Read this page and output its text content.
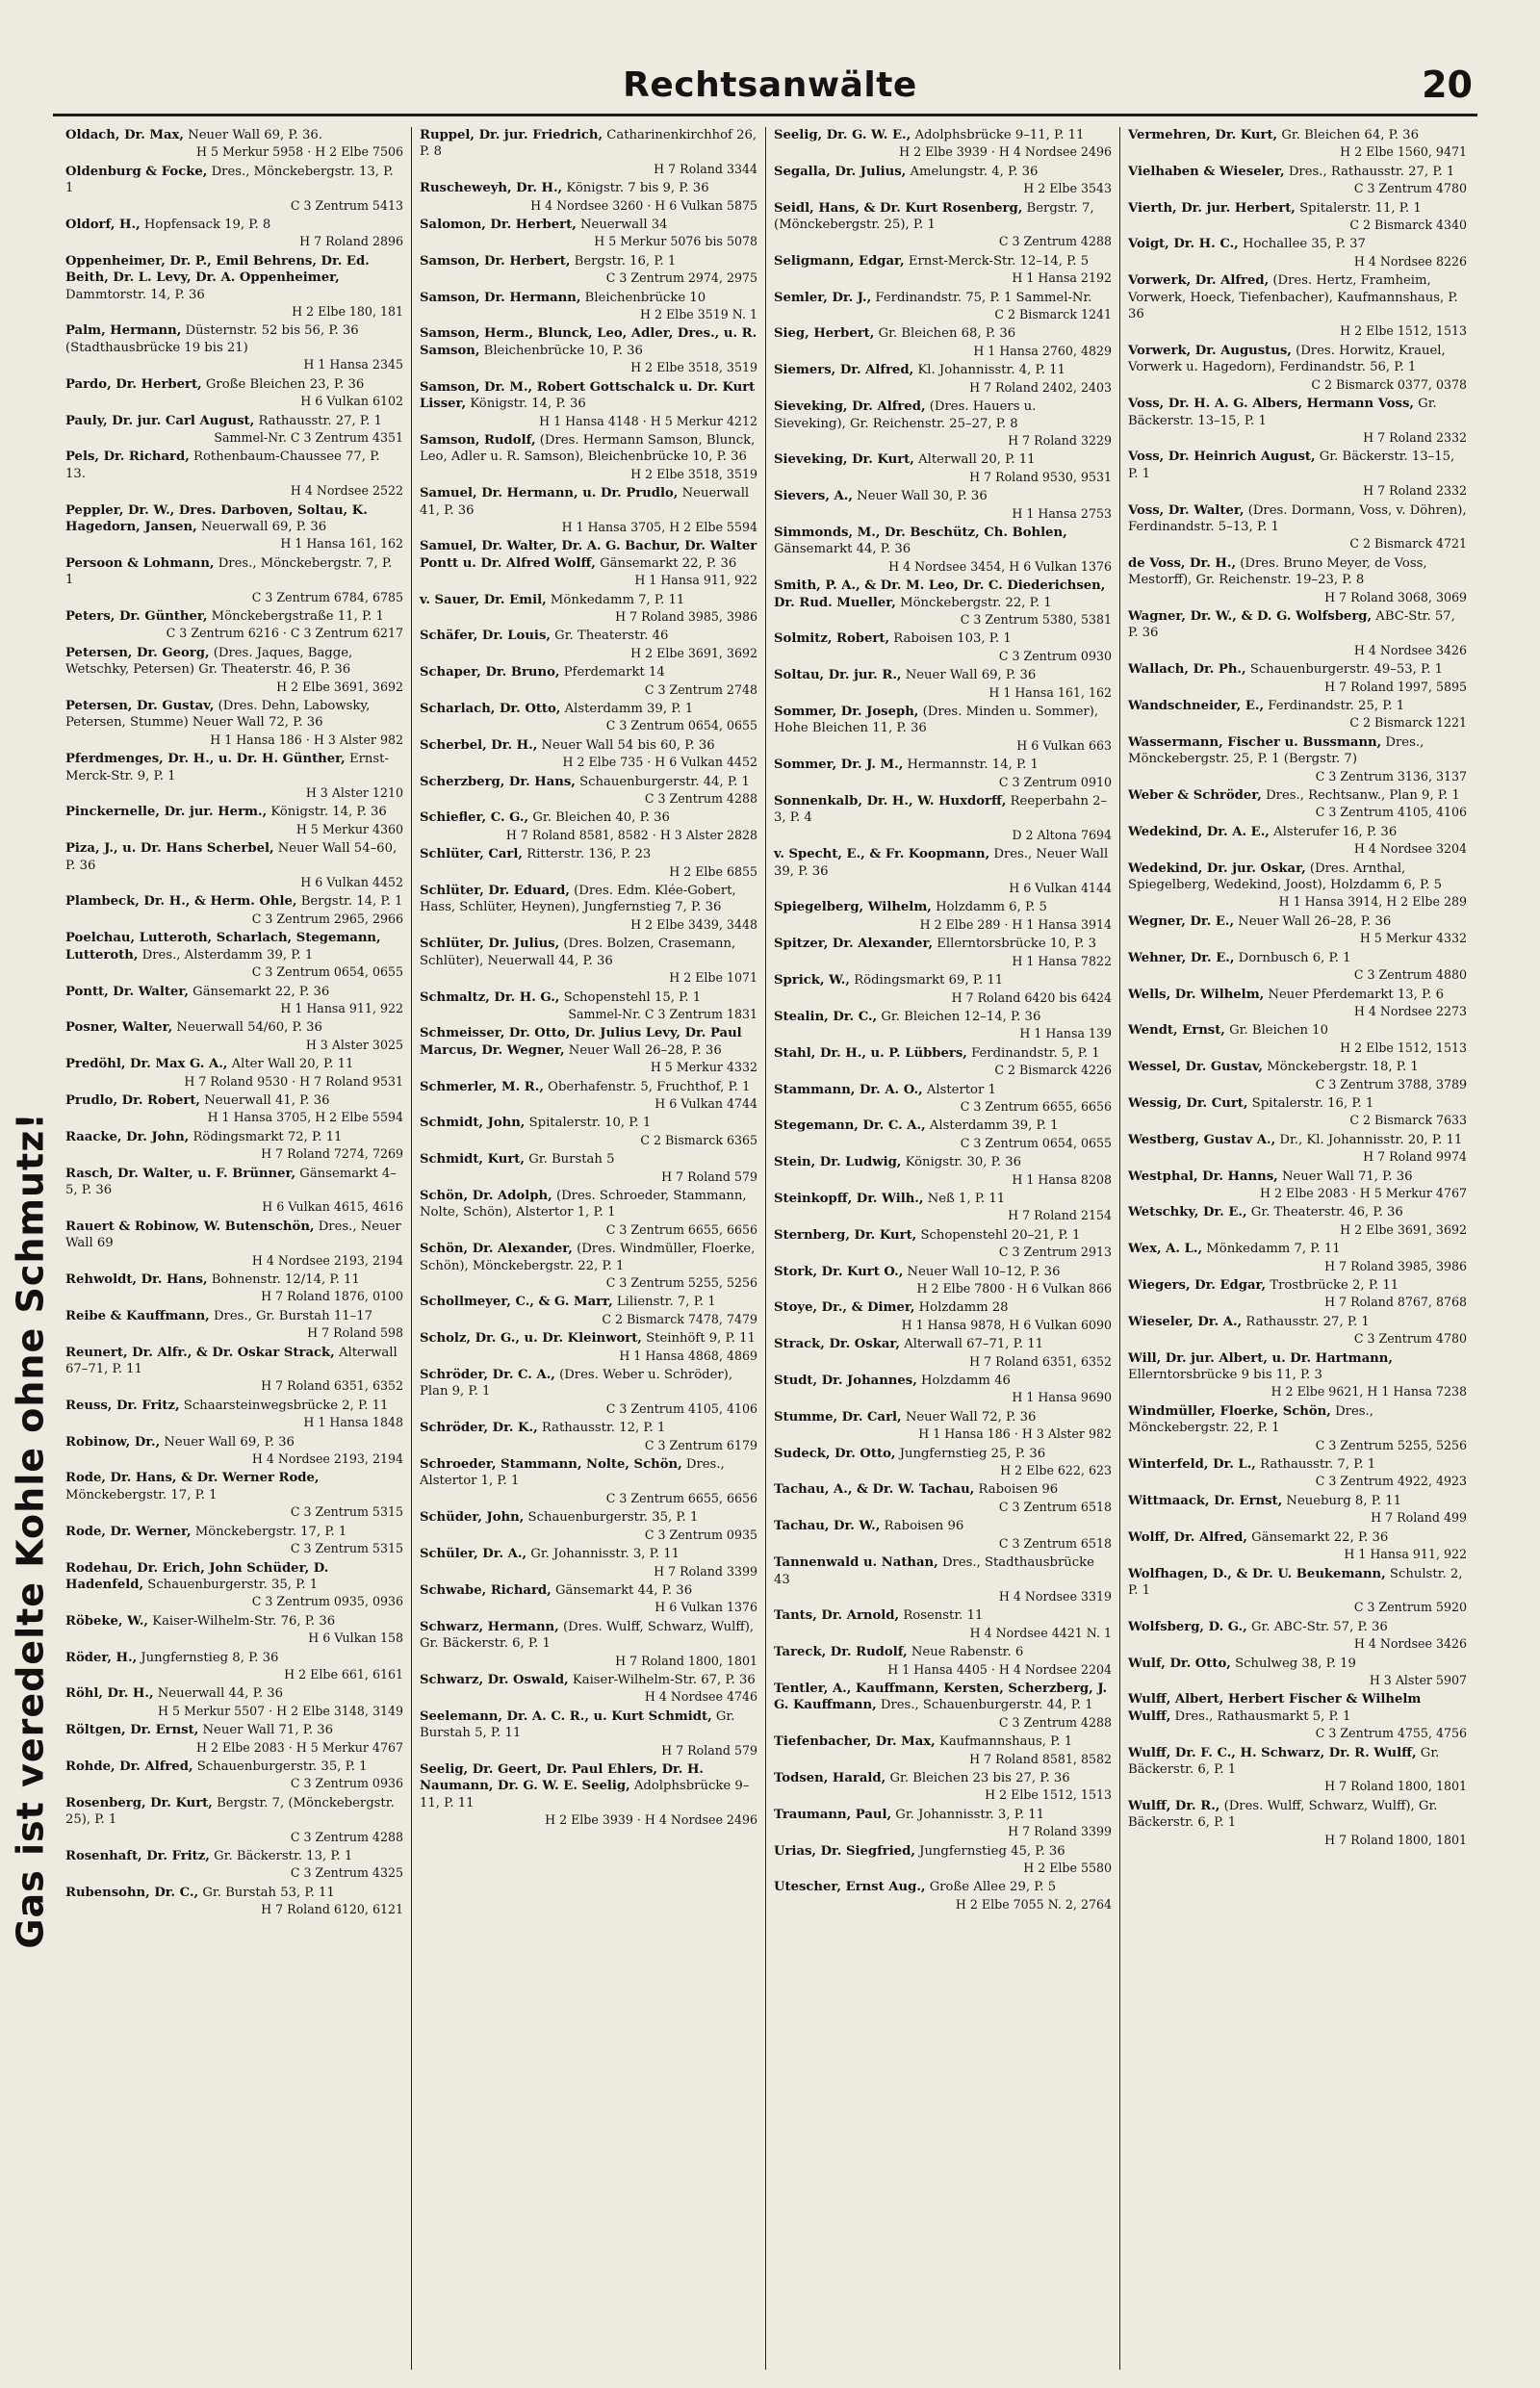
Rechtsanwälte	20
Gas ist veredelte Kohle ohne Schmutz!
Oldach, Dr. Max, Neuer Wall 69, P. 36.
H 5 Merkur 5958 · H 2 Elbe 7506
Oldenburg & Focke, Dres., Mönckebergstr. 13, P. 1
C 3 Zentrum 5413
Oldorf, H., Hopfensack 19, P. 8
H 7 Roland 2896
Oppenheimer, Dr. P., Emil Behrens, Dr. Ed. Beith, Dr. L. Levy, Dr. A. Oppenheimer, Dammtorstr. 14, P. 36
H 2 Elbe 180, 181
Palm, Hermann, Düsternstr. 52 bis 56, P. 36 (Stadthausbrücke 19 bis 21)
H 1 Hansa 2345
Pardo, Dr. Herbert, Große Bleichen 23, P. 36
H 6 Vulkan 6102
Pauly, Dr. jur. Carl August, Rathausstr. 27, P. 1
Sammel-Nr. C 3 Zentrum 4351
Pels, Dr. Richard, Rothenbaum-Chaussee 77, P. 13.
H 4 Nordsee 2522
Peppler, Dr. W., Dres. Darboven, Soltau, K. Hagedorn, Jansen, Neuerwall 69, P. 36
H 1 Hansa 161, 162
Persoon & Lohmann, Dres., Mönckebergstr. 7, P. 1
C 3 Zentrum 6784, 6785
Peters, Dr. Günther, Mönckebergstraße 11, P. 1
C 3 Zentrum 6216 · C 3 Zentrum 6217
Petersen, Dr. Georg, (Dres. Jaques, Bagge, Wetschky, Petersen) Gr. Theaterstr. 46, P. 36
H 2 Elbe 3691, 3692
Petersen, Dr. Gustav, (Dres. Dehn, Labowsky, Petersen, Stumme) Neuer Wall 72, P. 36
H 1 Hansa 186 · H 3 Alster 982
Pferdmenges, Dr. H., u. Dr. H. Günther, Ernst-Merck-Str. 9, P. 1
H 3 Alster 1210
Pinckernelle, Dr. jur. Herm., Königstr. 14, P. 36
H 5 Merkur 4360
Piza, J., u. Dr. Hans Scherbel, Neuer Wall 54–60, P. 36
H 6 Vulkan 4452
Plambeck, Dr. H., & Herm. Ohle, Bergstr. 14, P. 1
C 3 Zentrum 2965, 2966
Poelchau, Lutteroth, Scharlach, Stegemann, Lutteroth, Dres., Alsterdamm 39, P. 1
C 3 Zentrum 0654, 0655
Pontt, Dr. Walter, Gänsemarkt 22, P. 36
H 1 Hansa 911, 922
Posner, Walter, Neuerwall 54/60, P. 36
H 3 Alster 3025
Predöhl, Dr. Max G. A., Alter Wall 20, P. 11
H 7 Roland 9530 · H 7 Roland 9531
Prudlo, Dr. Robert, Neuerwall 41, P. 36
H 1 Hansa 3705, H 2 Elbe 5594
Raacke, Dr. John, Rödingsmarkt 72, P. 11
H 7 Roland 7274, 7269
Rasch, Dr. Walter, u. F. Brünner, Gänsemarkt 4–5, P. 36
H 6 Vulkan 4615, 4616
Rauert & Robinow, W. Butenschön, Dres., Neuer Wall 69
H 4 Nordsee 2193, 2194
Rehwoldt, Dr. Hans, Bohnenstr. 12/14, P. 11
H 7 Roland 1876, 0100
Reibe & Kauffmann, Dres., Gr. Burstah 11–17
H 7 Roland 598
Reunert, Dr. Alfr., & Dr. Oskar Strack, Alterwall 67–71, P. 11
H 7 Roland 6351, 6352
Reuss, Dr. Fritz, Schaarsteinwegsbrücke 2, P. 11
H 1 Hansa 1848
Robinow, Dr., Neuer Wall 69, P. 36
H 4 Nordsee 2193, 2194
Rode, Dr. Hans, & Dr. Werner Rode, Mönckebergstr. 17, P. 1
C 3 Zentrum 5315
Rode, Dr. Werner, Mönckebergstr. 17, P. 1
C 3 Zentrum 5315
Rodehau, Dr. Erich, John Schüder, D. Hadenfeld, Schauenburgerstr. 35, P. 1
C 3 Zentrum 0935, 0936
Röbeke, W., Kaiser-Wilhelm-Str. 76, P. 36
H 6 Vulkan 158
Röder, H., Jungfernstieg 8, P. 36
H 2 Elbe 661, 6161
Röhl, Dr. H., Neuerwall 44, P. 36
H 5 Merkur 5507 · H 2 Elbe 3148, 3149
Röltgen, Dr. Ernst, Neuer Wall 71, P. 36
H 2 Elbe 2083 · H 5 Merkur 4767
Rohde, Dr. Alfred, Schauenburgerstr. 35, P. 1
C 3 Zentrum 0936
Rosenberg, Dr. Kurt, Bergstr. 7, (Mönckebergstr. 25), P. 1
C 3 Zentrum 4288
Rosenhaft, Dr. Fritz, Gr. Bäckerstr. 13, P. 1
C 3 Zentrum 4325
Rubensohn, Dr. C., Gr. Burstah 53, P. 11
H 7 Roland 6120, 6121
Ruppel, Dr. jur. Friedrich, Catharinenkirchhof 26, P. 8
H 7 Roland 3344
Ruscheweyh, Dr. H., Königstr. 7 bis 9, P. 36
H 4 Nordsee 3260 · H 6 Vulkan 5875
Salomon, Dr. Herbert, Neuerwall 34
H 5 Merkur 5076 bis 5078
Samson, Dr. Herbert, Bergstr. 16, P. 1
C 3 Zentrum 2974, 2975
Samson, Dr. Hermann, Bleichenbrücke 10
H 2 Elbe 3519 N. 1
Samson, Herm., Blunck, Leo, Adler, Dres., u. R. Samson, Bleichenbrücke 10, P. 36
H 2 Elbe 3518, 3519
Samson, Dr. M., Robert Gottschalck u. Dr. Kurt Lisser, Königstr. 14, P. 36
H 1 Hansa 4148 · H 5 Merkur 4212
Samson, Rudolf, (Dres. Hermann Samson, Blunck, Leo, Adler u. R. Samson), Bleichenbrücke 10, P. 36
H 2 Elbe 3518, 3519
Samuel, Dr. Hermann, u. Dr. Prudlo, Neuerwall 41, P. 36
H 1 Hansa 3705, H 2 Elbe 5594
Samuel, Dr. Walter, Dr. A. G. Bachur, Dr. Walter Pontt u. Dr. Alfred Wolff, Gänsemarkt 22, P. 36
H 1 Hansa 911, 922
v. Sauer, Dr. Emil, Mönkedamm 7, P. 11
H 7 Roland 3985, 3986
Schäfer, Dr. Louis, Gr. Theaterstr. 46
H 2 Elbe 3691, 3692
Schaper, Dr. Bruno, Pferdemarkt 14
C 3 Zentrum 2748
Scharlach, Dr. Otto, Alsterdamm 39, P. 1
C 3 Zentrum 0654, 0655
Scherbel, Dr. H., Neuer Wall 54 bis 60, P. 36
H 2 Elbe 735 · H 6 Vulkan 4452
Scherzberg, Dr. Hans, Schauenburgerstr. 44, P. 1
C 3 Zentrum 4288
Schiefler, C. G., Gr. Bleichen 40, P. 36
H 7 Roland 8581, 8582 · H 3 Alster 2828
Schlüter, Carl, Ritterstr. 136, P. 23
H 2 Elbe 6855
Schlüter, Dr. Eduard, (Dres. Edm. Klée-Gobert, Hass, Schlüter, Heynen), Jungfernstieg 7, P. 36
H 2 Elbe 3439, 3448
Schlüter, Dr. Julius, (Dres. Bolzen, Crasemann, Schlüter), Neuerwall 44, P. 36
H 2 Elbe 1071
Schmaltz, Dr. H. G., Schopenstehl 15, P. 1
Sammel-Nr. C 3 Zentrum 1831
Schmeisser, Dr. Otto, Dr. Julius Levy, Dr. Paul Marcus, Dr. Wegner, Neuer Wall 26–28, P. 36
H 5 Merkur 4332
Schmerler, M. R., Oberhafenstr. 5, Fruchthof, P. 1
H 6 Vulkan 4744
Schmidt, John, Spitalerstr. 10, P. 1
C 2 Bismarck 6365
Schmidt, Kurt, Gr. Burstah 5
H 7 Roland 579
Schön, Dr. Adolph, (Dres. Schroeder, Stammann, Nolte, Schön), Alstertor 1, P. 1
C 3 Zentrum 6655, 6656
Schön, Dr. Alexander, (Dres. Windmüller, Floerke, Schön), Mönckebergstr. 22, P. 1
C 3 Zentrum 5255, 5256
Schollmeyer, C., & G. Marr, Lilienstr. 7, P. 1
C 2 Bismarck 7478, 7479
Scholz, Dr. G., u. Dr. Kleinwort, Steinhöft 9, P. 11
H 1 Hansa 4868, 4869
Schröder, Dr. C. A., (Dres. Weber u. Schröder), Plan 9, P. 1
C 3 Zentrum 4105, 4106
Schröder, Dr. K., Rathausstr. 12, P. 1
C 3 Zentrum 6179
Schroeder, Stammann, Nolte, Schön, Dres., Alstertor 1, P. 1
C 3 Zentrum 6655, 6656
Schüder, John, Schauenburgerstr. 35, P. 1
C 3 Zentrum 0935
Schüler, Dr. A., Gr. Johannisstr. 3, P. 11
H 7 Roland 3399
Schwabe, Richard, Gänsemarkt 44, P. 36
H 6 Vulkan 1376
Schwarz, Hermann, (Dres. Wulff, Schwarz, Wulff), Gr. Bäckerstr. 6, P. 1
H 7 Roland 1800, 1801
Schwarz, Dr. Oswald, Kaiser-Wilhelm-Str. 67, P. 36
H 4 Nordsee 4746
Seelemann, Dr. A. C. R., u. Kurt Schmidt, Gr. Burstah 5, P. 11
H 7 Roland 579
Seelig, Dr. Geert, Dr. Paul Ehlers, Dr. H. Naumann, Dr. G. W. E. Seelig, Adolphsbrücke 9–11, P. 11
H 2 Elbe 3939 · H 4 Nordsee 2496
Seelig, Dr. G. W. E., Adolphsbrücke 9–11, P. 11
H 2 Elbe 3939 · H 4 Nordsee 2496
Segalla, Dr. Julius, Amelungstr. 4, P. 36
H 2 Elbe 3543
Seidl, Hans, & Dr. Kurt Rosenberg, Bergstr. 7, (Mönckebergstr. 25), P. 1
C 3 Zentrum 4288
Seligmann, Edgar, Ernst-Merck-Str. 12–14, P. 5
H 1 Hansa 2192
Semler, Dr. J., Ferdinandstr. 75, P. 1 Sammel-Nr.
C 2 Bismarck 1241
Sieg, Herbert, Gr. Bleichen 68, P. 36
H 1 Hansa 2760, 4829
Siemers, Dr. Alfred, Kl. Johannisstr. 4, P. 11
H 7 Roland 2402, 2403
Sieveking, Dr. Alfred, (Dres. Hauers u. Sieveking), Gr. Reichenstr. 25–27, P. 8
H 7 Roland 3229
Sieveking, Dr. Kurt, Alterwall 20, P. 11
H 7 Roland 9530, 9531
Sievers, A., Neuer Wall 30, P. 36
H 1 Hansa 2753
Simmonds, M., Dr. Beschütz, Ch. Bohlen, Gänsemarkt 44, P. 36
H 4 Nordsee 3454, H 6 Vulkan 1376
Smith, P. A., & Dr. M. Leo, Dr. C. Diederichsen, Dr. Rud. Mueller, Mönckebergstr. 22, P. 1
C 3 Zentrum 5380, 5381
Solmitz, Robert, Raboisen 103, P. 1
C 3 Zentrum 0930
Soltau, Dr. jur. R., Neuer Wall 69, P. 36
H 1 Hansa 161, 162
Sommer, Dr. Joseph, (Dres. Minden u. Sommer), Hohe Bleichen 11, P. 36
H 6 Vulkan 663
Sommer, Dr. J. M., Hermannstr. 14, P. 1
C 3 Zentrum 0910
Sonnenkalb, Dr. H., W. Huxdorff, Reeperbahn 2–3, P. 4
D 2 Altona 7694
v. Specht, E., & Fr. Koopmann, Dres., Neuer Wall 39, P. 36
H 6 Vulkan 4144
Spiegelberg, Wilhelm, Holzdamm 6, P. 5
H 2 Elbe 289 · H 1 Hansa 3914
Spitzer, Dr. Alexander, Ellerntorsbrücke 10, P. 3
H 1 Hansa 7822
Sprick, W., Rödingsmarkt 69, P. 11
H 7 Roland 6420 bis 6424
Stealin, Dr. C., Gr. Bleichen 12–14, P. 36
H 1 Hansa 139
Stahl, Dr. H., u. P. Lübbers, Ferdinandstr. 5, P. 1
C 2 Bismarck 4226
Stammann, Dr. A. O., Alstertor 1
C 3 Zentrum 6655, 6656
Stegemann, Dr. C. A., Alsterdamm 39, P. 1
C 3 Zentrum 0654, 0655
Stein, Dr. Ludwig, Königstr. 30, P. 36
H 1 Hansa 8208
Steinkopff, Dr. Wilh., Neß 1, P. 11
H 7 Roland 2154
Sternberg, Dr. Kurt, Schopenstehl 20–21, P. 1
C 3 Zentrum 2913
Stork, Dr. Kurt O., Neuer Wall 10–12, P. 36
H 2 Elbe 7800 · H 6 Vulkan 866
Stoye, Dr., & Dimer, Holzdamm 28
H 1 Hansa 9878, H 6 Vulkan 6090
Strack, Dr. Oskar, Alterwall 67–71, P. 11
H 7 Roland 6351, 6352
Studt, Dr. Johannes, Holzdamm 46
H 1 Hansa 9690
Stumme, Dr. Carl, Neuer Wall 72, P. 36
H 1 Hansa 186 · H 3 Alster 982
Sudeck, Dr. Otto, Jungfernstieg 25, P. 36
H 2 Elbe 622, 623
Tachau, A., & Dr. W. Tachau, Raboisen 96
C 3 Zentrum 6518
Tachau, Dr. W., Raboisen 96
C 3 Zentrum 6518
Tannenwald u. Nathan, Dres., Stadthausbrücke 43
H 4 Nordsee 3319
Tants, Dr. Arnold, Rosenstr. 11
H 4 Nordsee 4421 N. 1
Tareck, Dr. Rudolf, Neue Rabenstr. 6
H 1 Hansa 4405 · H 4 Nordsee 2204
Tentler, A., Kauffmann, Kersten, Scherzberg, J. G. Kauffmann, Dres., Schauenburgerstr. 44, P. 1
C 3 Zentrum 4288
Tiefenbacher, Dr. Max, Kaufmannshaus, P. 1
H 7 Roland 8581, 8582
Todsen, Harald, Gr. Bleichen 23 bis 27, P. 36
H 2 Elbe 1512, 1513
Traumann, Paul, Gr. Johannisstr. 3, P. 11
H 7 Roland 3399
Urias, Dr. Siegfried, Jungfernstieg 45, P. 36
H 2 Elbe 5580
Utescher, Ernst Aug., Große Allee 29, P. 5
H 2 Elbe 7055 N. 2, 2764
Vermehren, Dr. Kurt, Gr. Bleichen 64, P. 36
H 2 Elbe 1560, 9471
Vielhaben & Wieseler, Dres., Rathausstr. 27, P. 1
C 3 Zentrum 4780
Vierth, Dr. jur. Herbert, Spitalerstr. 11, P. 1
C 2 Bismarck 4340
Voigt, Dr. H. C., Hochallee 35, P. 37
H 4 Nordsee 8226
Vorwerk, Dr. Alfred, (Dres. Hertz, Framheim, Vorwerk, Hoeck, Tiefenbacher), Kaufmannshaus, P. 36
H 2 Elbe 1512, 1513
Vorwerk, Dr. Augustus, (Dres. Horwitz, Krauel, Vorwerk u. Hagedorn), Ferdinandstr. 56, P. 1
C 2 Bismarck 0377, 0378
Voss, Dr. H. A. G. Albers, Hermann Voss, Gr. Bäckerstr. 13–15, P. 1
H 7 Roland 2332
Voss, Dr. Heinrich August, Gr. Bäckerstr. 13–15, P. 1
H 7 Roland 2332
Voss, Dr. Walter, (Dres. Dormann, Voss, v. Döhren), Ferdinandstr. 5–13, P. 1
C 2 Bismarck 4721
de Voss, Dr. H., (Dres. Bruno Meyer, de Voss, Mestorff), Gr. Reichenstr. 19–23, P. 8
H 7 Roland 3068, 3069
Wagner, Dr. W., & D. G. Wolfsberg, ABC-Str. 57, P. 36
H 4 Nordsee 3426
Wallach, Dr. Ph., Schauenburgerstr. 49–53, P. 1
H 7 Roland 1997, 5895
Wandschneider, E., Ferdinandstr. 25, P. 1
C 2 Bismarck 1221
Wassermann, Fischer u. Bussmann, Dres., Mönckebergstr. 25, P. 1 (Bergstr. 7)
C 3 Zentrum 3136, 3137
Weber & Schröder, Dres., Rechtsanw., Plan 9, P. 1
C 3 Zentrum 4105, 4106
Wedekind, Dr. A. E., Alsterufer 16, P. 36
H 4 Nordsee 3204
Wedekind, Dr. jur. Oskar, (Dres. Arnthal, Spiegelberg, Wedekind, Joost), Holzdamm 6, P. 5
H 1 Hansa 3914, H 2 Elbe 289
Wegner, Dr. E., Neuer Wall 26–28, P. 36
H 5 Merkur 4332
Wehner, Dr. E., Dornbusch 6, P. 1
C 3 Zentrum 4880
Wells, Dr. Wilhelm, Neuer Pferdemarkt 13, P. 6
H 4 Nordsee 2273
Wendt, Ernst, Gr. Bleichen 10
H 2 Elbe 1512, 1513
Wessel, Dr. Gustav, Mönckebergstr. 18, P. 1
C 3 Zentrum 3788, 3789
Wessig, Dr. Curt, Spitalerstr. 16, P. 1
C 2 Bismarck 7633
Westberg, Gustav A., Dr., Kl. Johannisstr. 20, P. 11
H 7 Roland 9974
Westphal, Dr. Hanns, Neuer Wall 71, P. 36
H 2 Elbe 2083 · H 5 Merkur 4767
Wetschky, Dr. E., Gr. Theaterstr. 46, P. 36
H 2 Elbe 3691, 3692
Wex, A. L., Mönkedamm 7, P. 11
H 7 Roland 3985, 3986
Wiegers, Dr. Edgar, Trostbrücke 2, P. 11
H 7 Roland 8767, 8768
Wieseler, Dr. A., Rathausstr. 27, P. 1
C 3 Zentrum 4780
Will, Dr. jur. Albert, u. Dr. Hartmann, Ellerntorsbrücke 9 bis 11, P. 3
H 2 Elbe 9621, H 1 Hansa 7238
Windmüller, Floerke, Schön, Dres., Mönckebergstr. 22, P. 1
C 3 Zentrum 5255, 5256
Winterfeld, Dr. L., Rathausstr. 7, P. 1
C 3 Zentrum 4922, 4923
Wittmaack, Dr. Ernst, Neueburg 8, P. 11
H 7 Roland 499
Wolff, Dr. Alfred, Gänsemarkt 22, P. 36
H 1 Hansa 911, 922
Wolfhagen, D., & Dr. U. Beukemann, Schulstr. 2, P. 1
C 3 Zentrum 5920
Wolfsberg, D. G., Gr. ABC-Str. 57, P. 36
H 4 Nordsee 3426
Wulf, Dr. Otto, Schulweg 38, P. 19
H 3 Alster 5907
Wulff, Albert, Herbert Fischer & Wilhelm Wulff, Dres., Rathausmarkt 5, P. 1
C 3 Zentrum 4755, 4756
Wulff, Dr. F. C., H. Schwarz, Dr. R. Wulff, Gr. Bäckerstr. 6, P. 1
H 7 Roland 1800, 1801
Wulff, Dr. R., (Dres. Wulff, Schwarz, Wulff), Gr. Bäckerstr. 6, P. 1
H 7 Roland 1800, 1801
